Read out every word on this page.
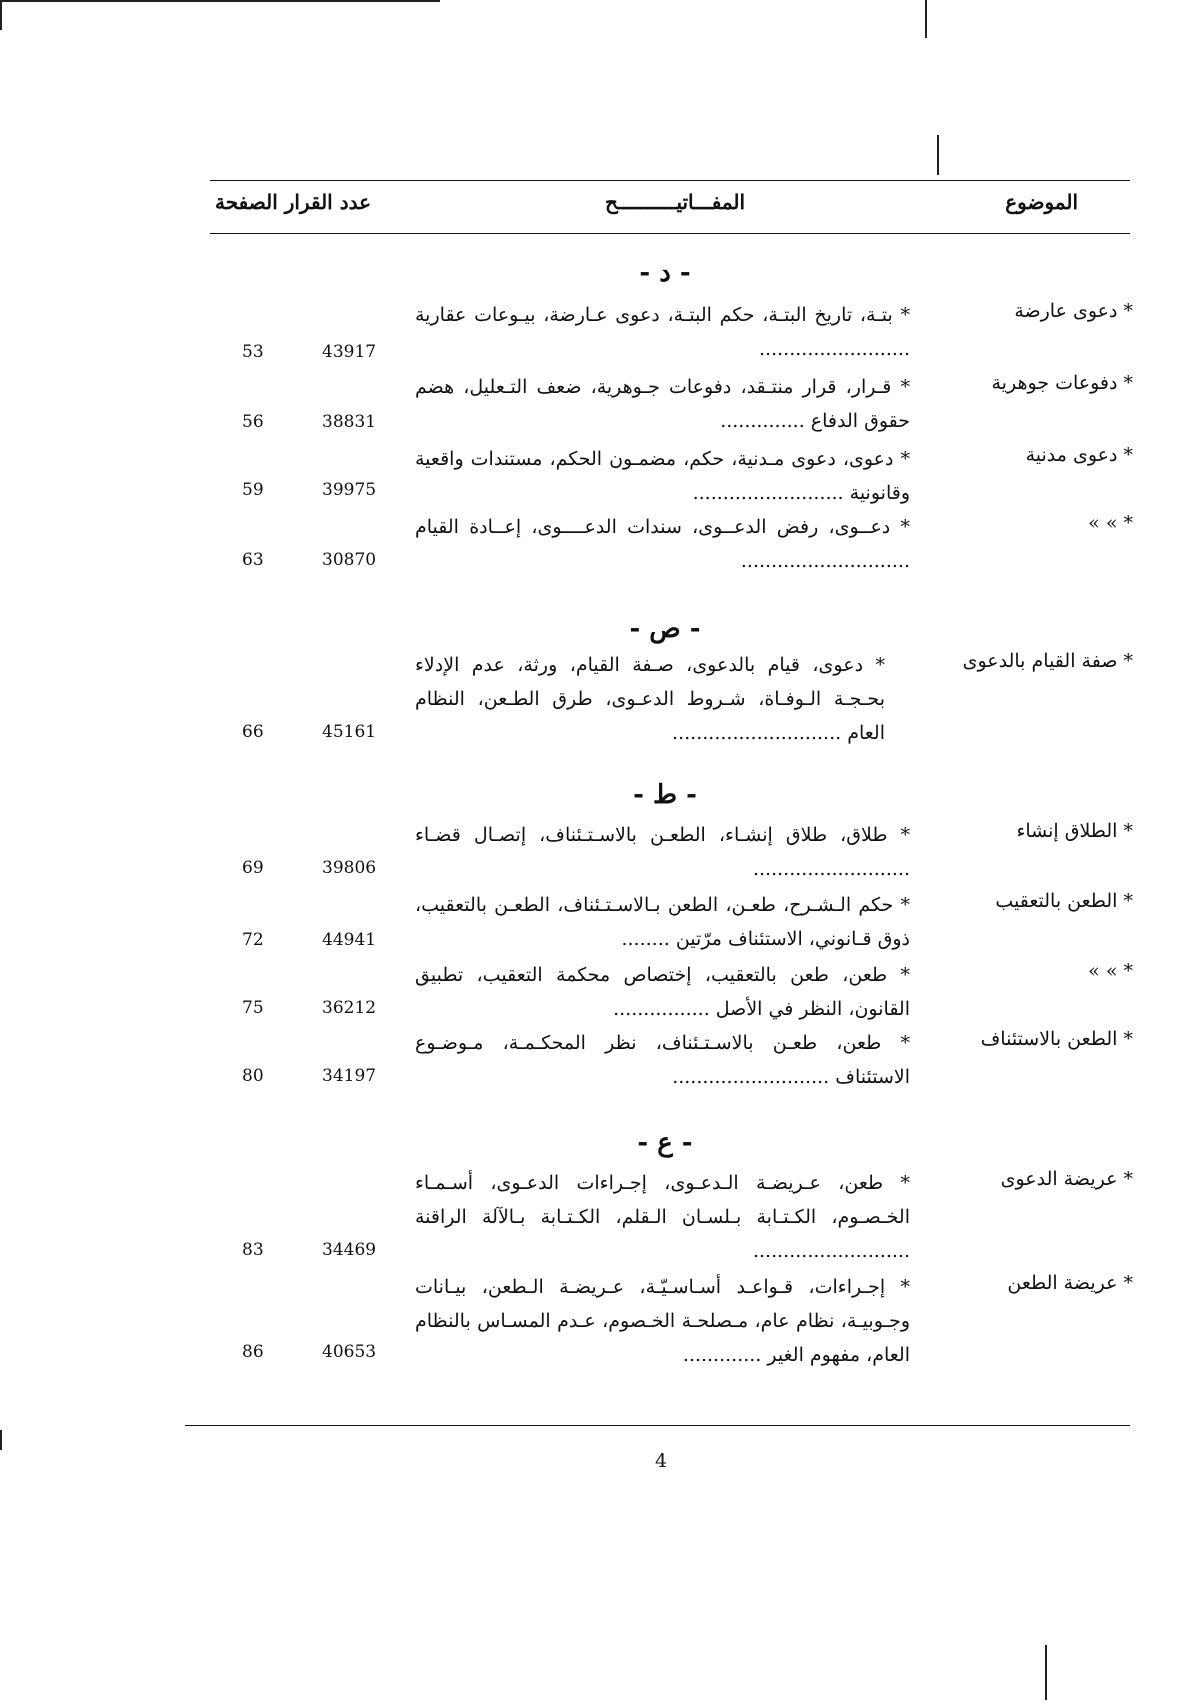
الموضوع
المفـــاتيــــــــــح
عدد القرار الصفحة
- د -
* دعوى عارضة
* بتـة، تاريخ البتـة، حكم البتـة، دعوى عـارضة، بيـوعات عقارية .........................
43917
53
* دفوعات جوهرية
* قـرار، قرار منتـقد، دفوعات جـوهرية، ضعف التـعليل، هضم حقوق الدفاع ..............
38831
56
* دعوى مدنية
* دعوى، دعوى مـدنية، حكم، مضمـون الحكم، مستندات واقعية وقانونية .........................
39975
59
* » »
* دعــوى، رفض الدعــوى، سندات الدعــــوى، إعــادة القيام ............................
30870
63
- ص -
* صفة القيام بالدعوى
* دعوى، قيام بالدعوى، صـفة القيام، ورثة، عدم الإدلاء بحـجـة الـوفـاة، شـروط الدعـوى، طرق الطـعن، النظام العام ............................
45161
66
- ط -
* الطلاق إنشاء
* طلاق، طلاق إنشـاء، الطعـن بالاسـتـئناف، إتصـال قضـاء ..........................
39806
69
* الطعن بالتعقيب
* حكم الـشـرح، طعـن، الطعن بـالاسـتـئناف، الطعـن بالتعقيب، ذوق قـانوني، الاستئناف مرّتين ........
44941
72
* » »
* طعن، طعن بالتعقيب، إختصاص محكمة التعقيب، تطبيق القانون، النظر في الأصل ................
36212
75
* الطعن بالاستئناف
* طعن، طعـن بالاسـتـئناف، نظر المحكـمـة، مـوضـوع الاستئناف ..........................
34197
80
- ع -
* عريضة الدعوى
* طعن، عـريضـة الـدعـوى، إجـراءات الدعـوى، أسـمـاء الخـصـوم، الكـتـابة بـلسـان الـقلم، الكـتـابة بـالآلة الراقنة ..........................
34469
83
* عريضة الطعن
* إجـراءات، قـواعـد أسـاسـيّـة، عـريضـة الـطعن، بيـانات وجـوبيـة، نظام عام، مـصلحـة الخـصوم، عـدم المسـاس بالنظام العام، مفهوم الغير .............
40653
86
4
